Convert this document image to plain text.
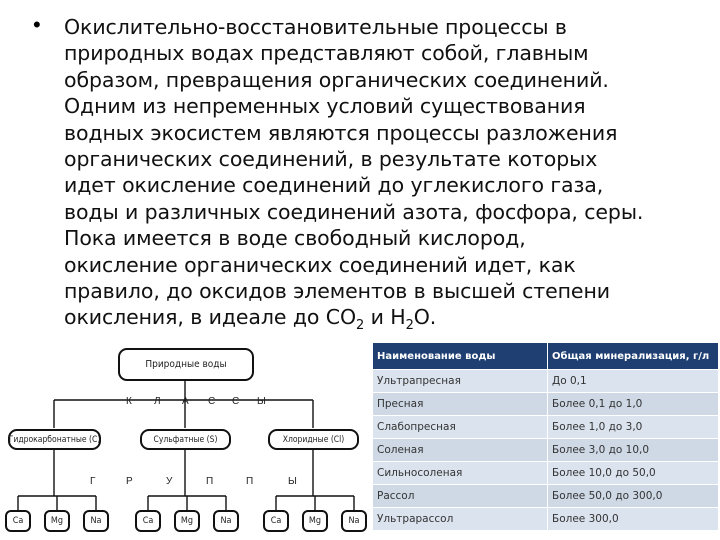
• Окислительно-восстановительные процессы в
природных водах представляют собой, главным
образом, превращения органических соединений.
Одним из непременных условий существования
водных экосистем являются процессы разложения
органических соединений, в результате которых
идет окисление соединений до углекислого газа,
воды и различных соединений азота, фосфора, серы.
Пока имеется в воде свободный кислород,
окисление органических соединений идет, как
правило, до оксидов элементов в высшей степени
окисления, в идеале до $СО_2$ и $Н_2О$.
Природные воды
К Л А С С Ы
Гидрокарбонатные (С)	Сульфатные (S)	Хлоридные (Cl)
Г	Р	У	П	П	Ы
Ca	Mg	Na	Ca	Mg	Na	Ca	Mg	Na
Наименование воды	Общая минерализация, г/л
Ультрапресная	До 0,1
Пресная	Более 0,1 до 1,0
Слабопресная	Более 1,0 до 3,0
Соленая	Более 3,0 до 10,0
Сильносоленая	Более 10,0 до 50,0
Рассол	Более 50,0 до 300,0
Ультрарассол	Более 300,0
